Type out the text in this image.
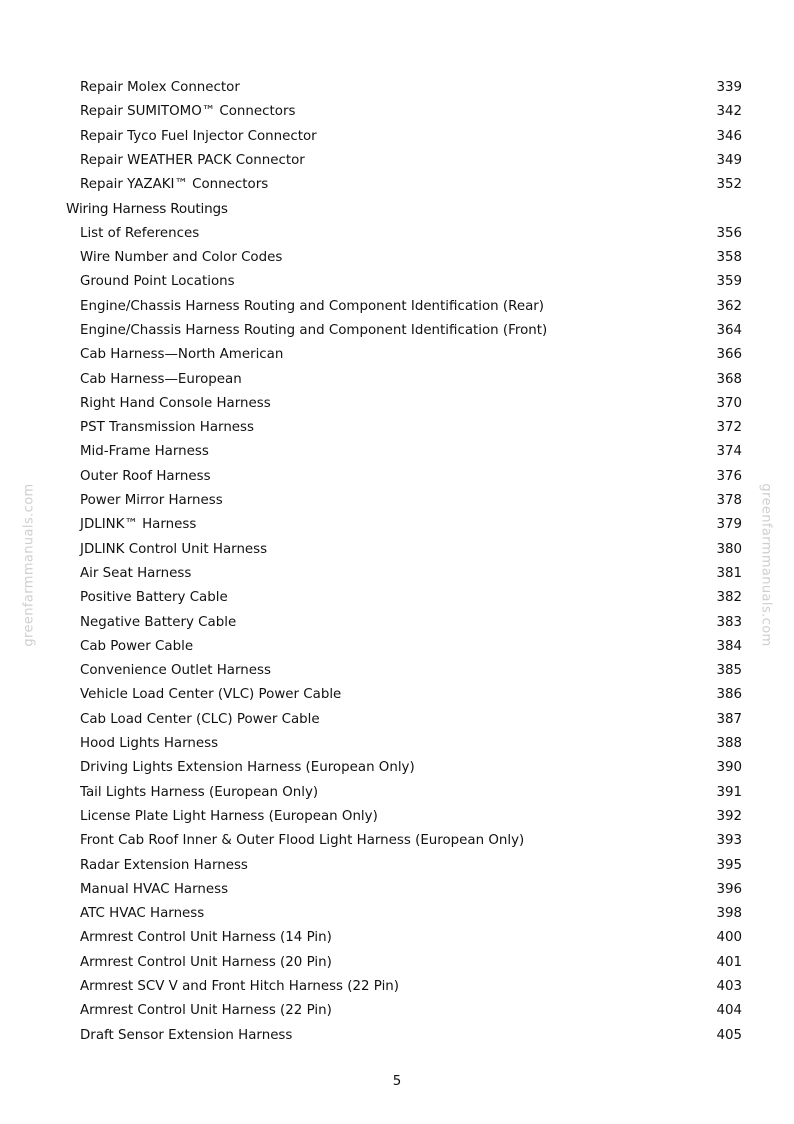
Repair Molex Connector	339
Repair SUMITOMO™ Connectors	342
Repair Tyco Fuel Injector Connector	346
Repair WEATHER PACK Connector	349
Repair YAZAKI™ Connectors	352
Wiring Harness Routings
List of References	356
Wire Number and Color Codes	358
Ground Point Locations	359
Engine/Chassis Harness Routing and Component Identification (Rear)	362
Engine/Chassis Harness Routing and Component Identification (Front)	364
Cab Harness—North American	366
Cab Harness—European	368
Right Hand Console Harness	370
PST Transmission Harness	372
Mid-Frame Harness	374
Outer Roof Harness	376
Power Mirror Harness	378
JDLINK™ Harness	379
JDLINK Control Unit Harness	380
Air Seat Harness	381
Positive Battery Cable	382
Negative Battery Cable	383
Cab Power Cable	384
Convenience Outlet Harness	385
Vehicle Load Center (VLC) Power Cable	386
Cab Load Center (CLC) Power Cable	387
Hood Lights Harness	388
Driving Lights Extension Harness (European Only)	390
Tail Lights Harness (European Only)	391
License Plate Light Harness (European Only)	392
Front Cab Roof Inner & Outer Flood Light Harness (European Only)	393
Radar Extension Harness	395
Manual HVAC Harness	396
ATC HVAC Harness	398
Armrest Control Unit Harness (14 Pin)	400
Armrest Control Unit Harness (20 Pin)	401
Armrest SCV V and Front Hitch Harness (22 Pin)	403
Armrest Control Unit Harness (22 Pin)	404
Draft Sensor Extension Harness	405
5
greenfarmmanuals.com	greenfarmmanuals.com
